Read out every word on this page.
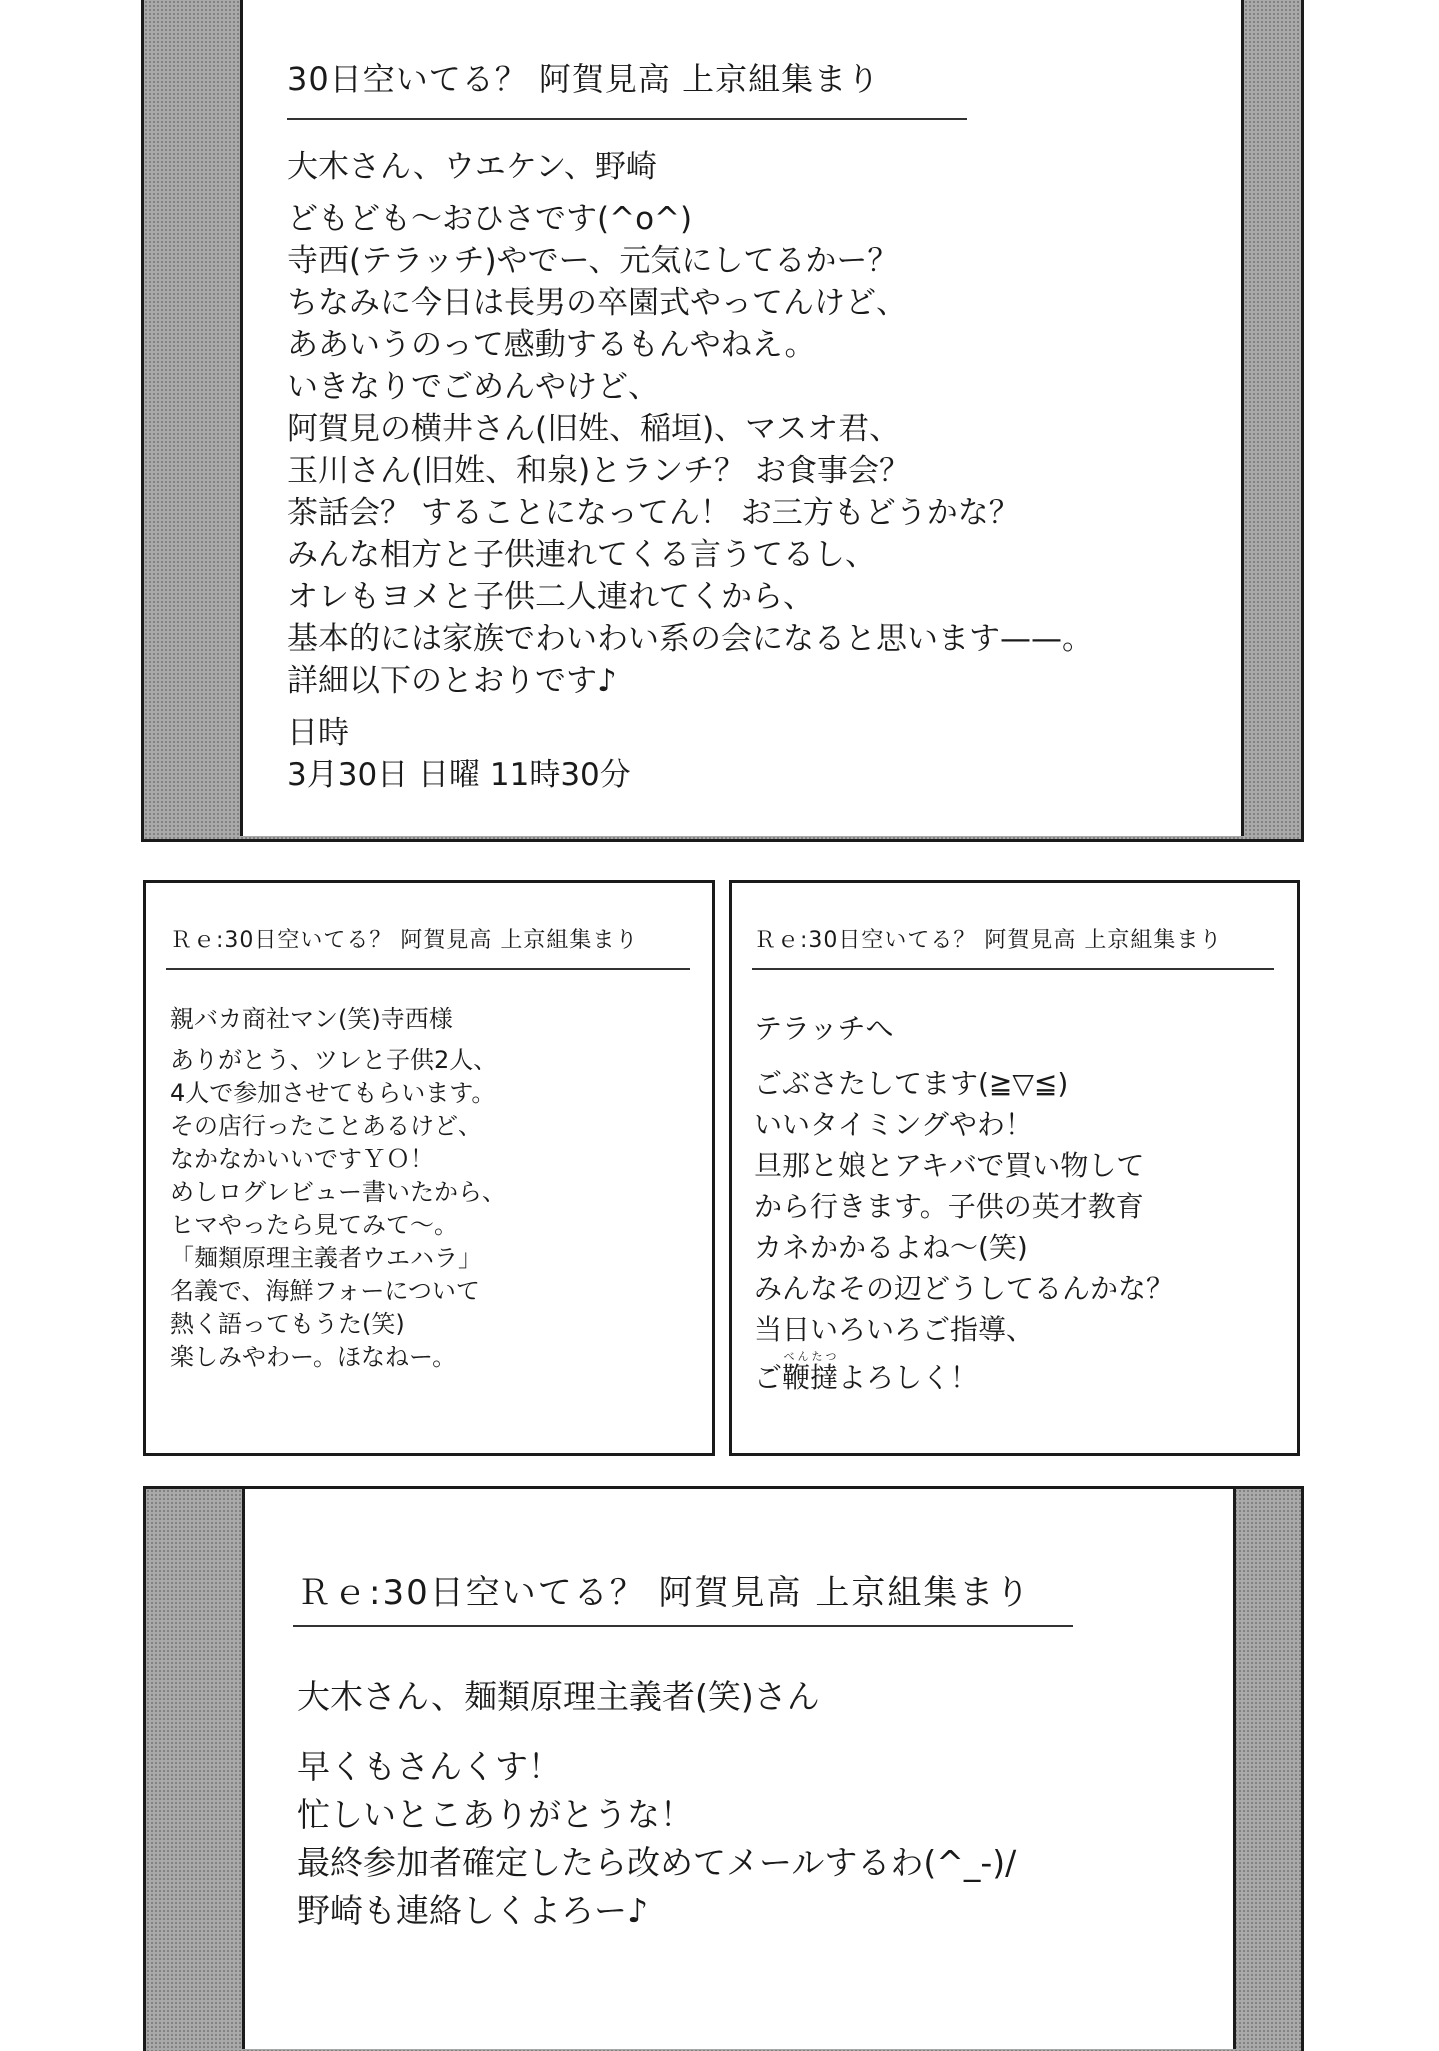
30日空いてる？ 阿賀見高 上京組集まり
大木さん、ウエケン、野崎
どもども〜おひさです(^o^)
寺西(テラッチ)やでー、元気にしてるかー？
ちなみに今日は長男の卒園式やってんけど、
ああいうのって感動するもんやねえ。
いきなりでごめんやけど、
阿賀見の横井さん(旧姓、稲垣)、マスオ君、
玉川さん(旧姓、和泉)とランチ？ お食事会？
茶話会？ することになってん！ お三方もどうかな？
みんな相方と子供連れてくる言うてるし、
オレもヨメと子供二人連れてくから、
基本的には家族でわいわい系の会になると思います——。
詳細以下のとおりです♪
日時
3月30日 日曜 11時30分
Ｒｅ:30日空いてる？ 阿賀見高 上京組集まり
親バカ商社マン(笑)寺西様
ありがとう、ツレと子供2人、
4人で参加させてもらいます。
その店行ったことあるけど、
なかなかいいですＹＯ！
めしログレビュー書いたから、
ヒマやったら見てみて〜。
「麺類原理主義者ウエハラ」
名義で、海鮮フォーについて
熱く語ってもうた(笑)
楽しみやわー。ほなねー。
Ｒｅ:30日空いてる？ 阿賀見高 上京組集まり
テラッチへ
ごぶさたしてます(≧▽≦)
いいタイミングやわ！
旦那と娘とアキバで買い物して
から行きます。子供の英才教育
カネかかるよね〜(笑)
みんなその辺どうしてるんかな？
当日いろいろご指導、
ご鞭撻べんたつよろしく！
Ｒｅ:30日空いてる？ 阿賀見高 上京組集まり
大木さん、麺類原理主義者(笑)さん
早くもさんくす！
忙しいとこありがとうな！
最終参加者確定したら改めてメールするわ(^_-)/
野崎も連絡しくよろー♪
